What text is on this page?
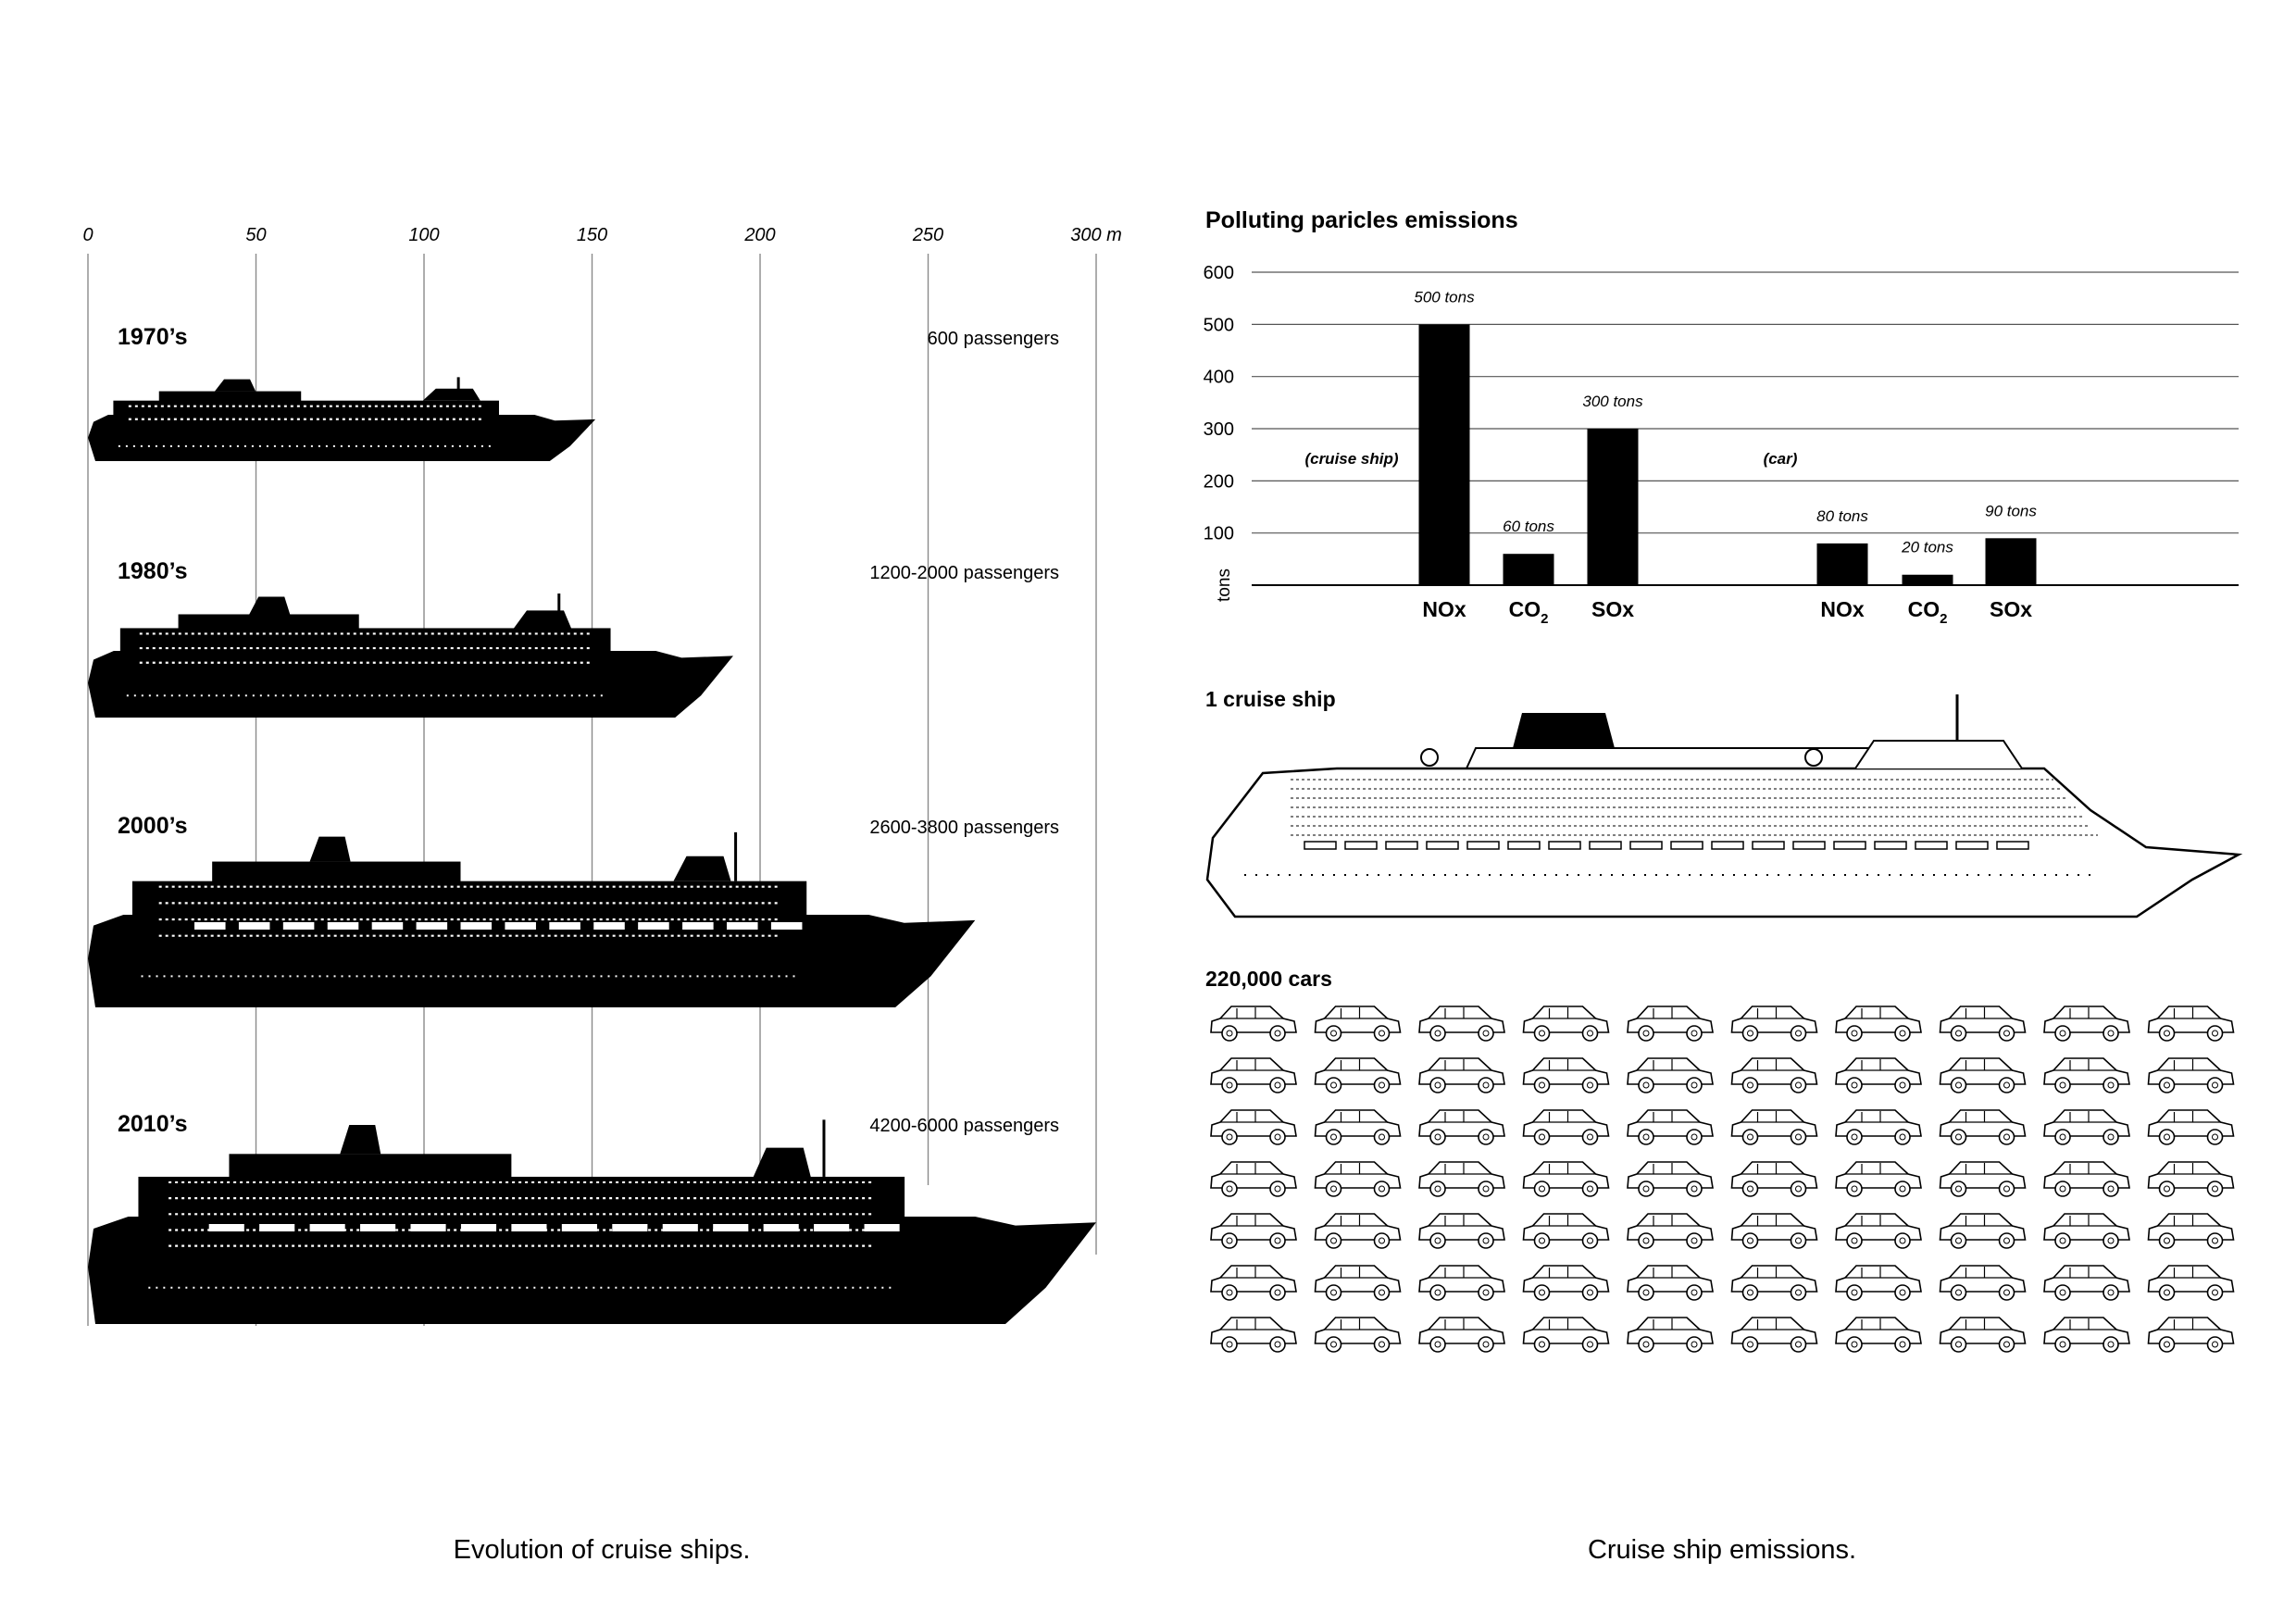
0	50	100	150	200	250	300 m
1970’s	600 passengers
1980’s	1200-2000 passengers
2000’s	2600-3800 passengers
2010’s	4200-6000 passengers
Evolution of cruise ships.
Polluting paricles emissions
100
200
300
400
500
600
tons
(cruise ship)
500 tons
NOx
60 tons
$CO_2$
300 tons
SOx
(car)
80 tons
NOx
20 tons
$CO_2$
90 tons
SOx
1 cruise ship
220,000 cars
Cruise ship emissions.
